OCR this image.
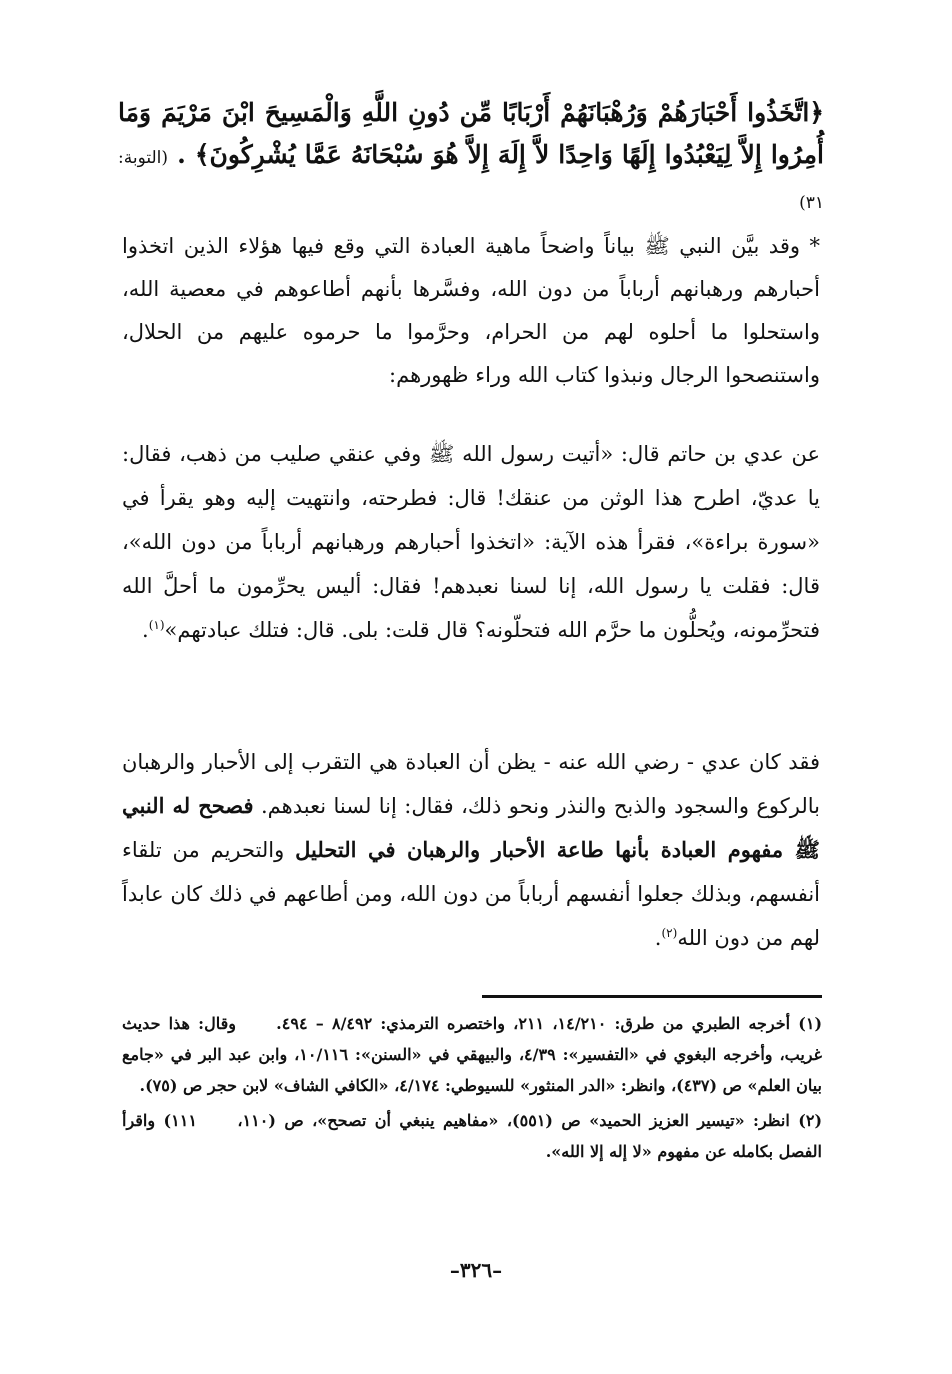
﴿اتَّخَذُوا أَحْبَارَهُمْ وَرُهْبَانَهُمْ أَرْبَابًا مِّن دُونِ اللَّهِ وَالْمَسِيحَ ابْنَ مَرْيَمَ وَمَا أُمِرُوا إِلاَّ لِيَعْبُدُوا إِلَهًا وَاحِدًا لاَّ إِلَهَ إِلاَّ هُوَ سُبْحَانَهُ عَمَّا يُشْرِكُونَ﴾ . (التوبة: ٣١)

* وقد بيَّن النبي ﷺ بياناً واضحاً ماهية العبادة التي وقع فيها هؤلاء الذين اتخذوا أحبارهم ورهبانهم أرباباً من دون الله، وفسَّرها بأنهم أطاعوهم في معصية الله، واستحلوا ما أحلوه لهم من الحرام، وحرَّموا ما حرموه عليهم من الحلال، واستنصحوا الرجال ونبذوا كتاب الله وراء ظهورهم:

عن عدي بن حاتم قال: «أتيت رسول الله ﷺ وفي عنقي صليب من ذهب، فقال: يا عديّ، اطرح هذا الوثن من عنقك! قال: فطرحته، وانتهيت إليه وهو يقرأ في «سورة براءة»، فقرأ هذه الآية: «اتخذوا أحبارهم ورهبانهم أرباباً من دون الله»، قال: فقلت يا رسول الله، إنا لسنا نعبدهم! فقال: أليس يحرِّمون ما أحلَّ الله فتحرِّمونه، ويُحلُّون ما حرَّم الله فتحلّونه؟ قال قلت: بلى. قال: فتلك عبادتهم»$^{(١)}$.

فقد كان عدي - رضي الله عنه - يظن أن العبادة هي التقرب إلى الأحبار والرهبان بالركوع والسجود والذبح والنذر ونحو ذلك، فقال: إنا لسنا نعبدهم. فصحح له النبي ﷺ مفهوم العبادة بأنها طاعة الأحبار والرهبان في التحليل والتحريم من تلقاء أنفسهم، وبذلك جعلوا أنفسهم أرباباً من دون الله، ومن أطاعهم في ذلك كان عابداً لهم من دون الله$^{(٢)}$.

(١) أخرجه الطبري من طرق: ١٤/٢١٠، ٢١١، واختصره الترمذي: ٨/٤٩٢ – ٤٩٤. وقال: هذا حديث غريب، وأخرجه البغوي في «التفسير»: ٤/٣٩، والبيهقي في «السنن»: ١٠/١١٦، وابن عبد البر في «جامع بيان العلم» ص (٤٣٧)، وانظر: «الدر المنثور» للسيوطي: ٤/١٧٤، «الكافي الشاف» لابن حجر ص (٧٥).

(٢) انظر: «تيسير العزيز الحميد» ص (٥٥١)، «مفاهيم ينبغي أن تصحح»، ص (١١٠، ١١١) واقرأ الفصل بكامله عن مفهوم «لا إله إلا الله».

–٣٢٦–
